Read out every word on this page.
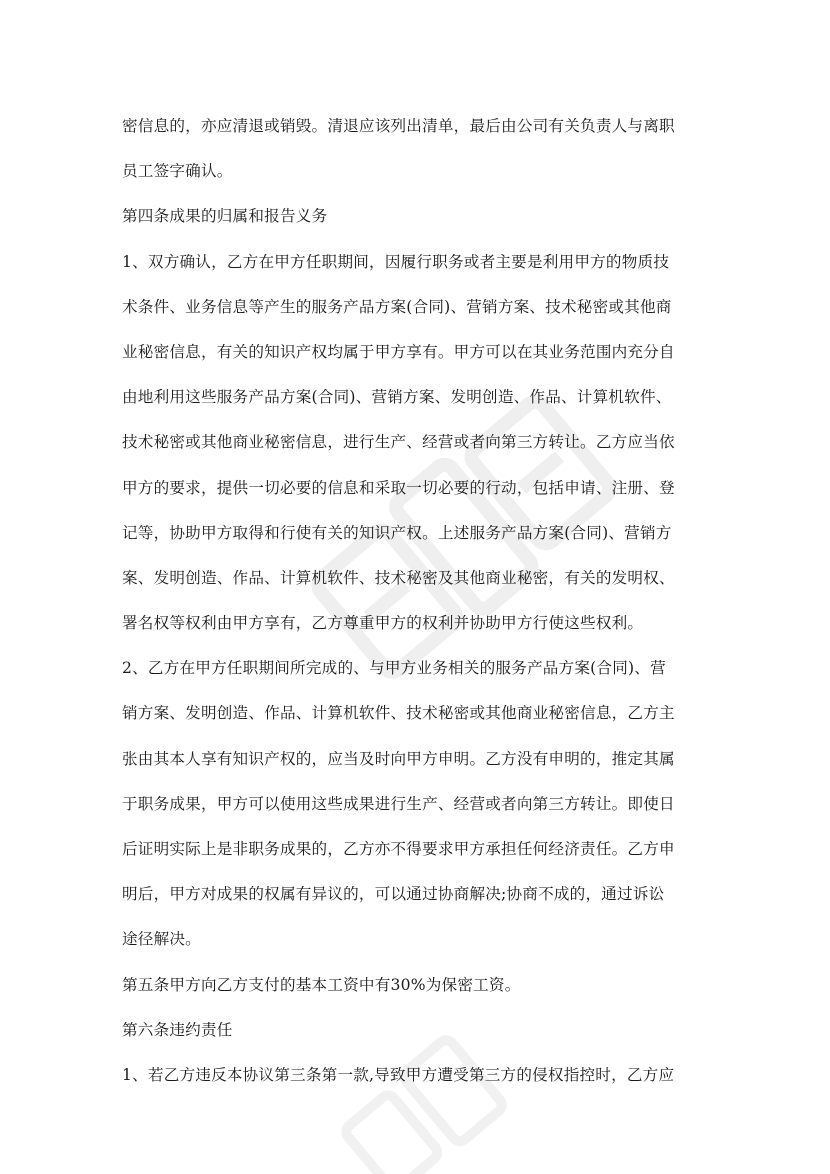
密信息的，亦应清退或销毁。清退应该列出清单，最后由公司有关负责人与离职
员工签字确认。
第四条成果的归属和报告义务
1、双方确认，乙方在甲方任职期间，因履行职务或者主要是利用甲方的物质技
术条件、业务信息等产生的服务产品方案(合同)、营销方案、技术秘密或其他商
业秘密信息，有关的知识产权均属于甲方享有。甲方可以在其业务范围内充分自
由地利用这些服务产品方案(合同)、营销方案、发明创造、作品、计算机软件、
技术秘密或其他商业秘密信息，进行生产、经营或者向第三方转让。乙方应当依
甲方的要求，提供一切必要的信息和采取一切必要的行动，包括申请、注册、登
记等，协助甲方取得和行使有关的知识产权。上述服务产品方案(合同)、营销方
案、发明创造、作品、计算机软件、技术秘密及其他商业秘密，有关的发明权、
署名权等权利由甲方享有，乙方尊重甲方的权利并协助甲方行使这些权利。
2、乙方在甲方任职期间所完成的、与甲方业务相关的服务产品方案(合同)、营
销方案、发明创造、作品、计算机软件、技术秘密或其他商业秘密信息，乙方主
张由其本人享有知识产权的，应当及时向甲方申明。乙方没有申明的，推定其属
于职务成果，甲方可以使用这些成果进行生产、经营或者向第三方转让。即使日
后证明实际上是非职务成果的，乙方亦不得要求甲方承担任何经济责任。乙方申
明后，甲方对成果的权属有异议的，可以通过协商解决;协商不成的，通过诉讼
途径解决。
第五条甲方向乙方支付的基本工资中有30%为保密工资。
第六条违约责任
1、若乙方违反本协议第三条第一款,导致甲方遭受第三方的侵权指控时，乙方应
